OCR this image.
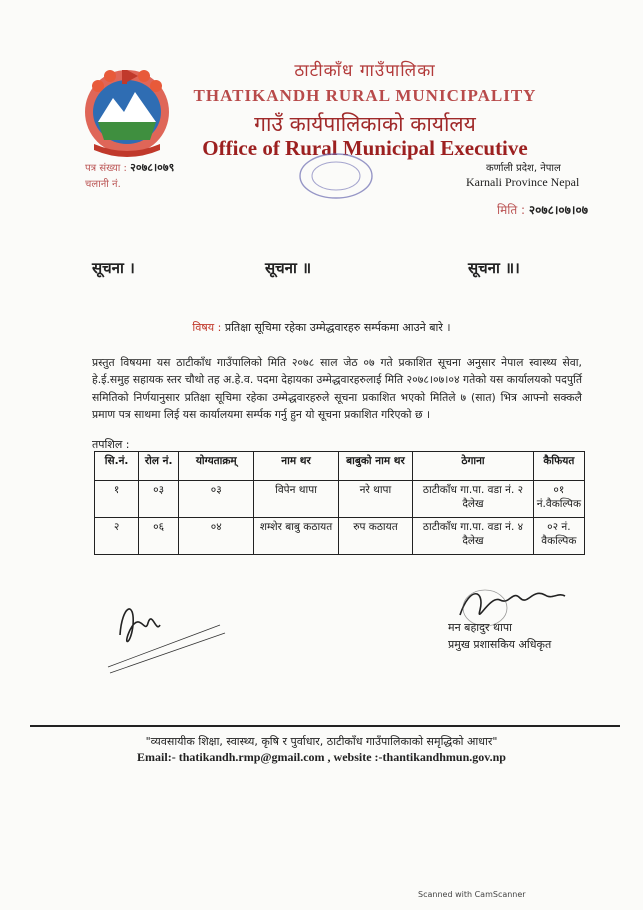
ठाटीकाँध गाउँपालिका
THATIKANDH RURAL MUNICIPALITY
गाउँ कार्यपालिकाको कार्यालय
Office of Rural Municipal Executive
पत्र संख्या : २०७८।०७९
चलानी नं.
कर्णाली प्रदेश, नेपाल
Karnali Province Nepal
मिति : २०७८।०७।०७
सूचना ।	सूचना ॥	सूचना ॥।
विषय : प्रतिक्षा सूचिमा रहेका उम्मेद्धवारहरु सर्म्पकमा आउने बारे ।
प्रस्तुत विषयमा यस ठाटीकाँध गाउँपालिको मिति २०७८ साल जेठ ०७ गते प्रकाशित सूचना अनुसार नेपाल स्वास्थ्य सेवा, हे.ई.समुह सहायक स्तर चौथो तह अ.हे.व. पदमा देहायका उम्मेद्धवारहरुलाई मिति २०७८।०७।०४ गतेको यस कार्यालयको पदपुर्ति समितिको निर्णयानुसार प्रतिक्षा सूचिमा रहेका उम्मेद्धवारहरुले सूचना प्रकाशित भएको मितिले ७ (सात) भित्र आफ्नो सक्कलै प्रमाण पत्र साथमा लिई यस कार्यालयमा सर्म्पक गर्नु हुन यो सूचना प्रकाशित गरिएको छ ।
तपशिल :
सि.नं.	रोल नं.	योग्यताक्रम्	नाम थर	बाबुको नाम थर	ठेगाना	कैफियत
१	०३	०३	विपेन थापा	नरे थापा	ठाटीकाँध गा.पा. वडा नं. २ दैलेख	०१ नं.वैकल्पिक
२	०६	०४	शम्शेर बाबु कठायत	रुप कठायत	ठाटीकाँध गा.पा. वडा नं. ४ दैलेख	०२ नं. वैकल्पिक
मन बहादुर थापा
प्रमुख प्रशासकिय अधिकृत
"व्यवसायीक शिक्षा, स्वास्थ्य, कृषि र पुर्वाधार, ठाटीकाँध गाउँपालिकाको समृद्धिको आधार"
Email:- thatikandh.rmp@gmail.com , website :-thantikandhmun.gov.np
Scanned with CamScanner
